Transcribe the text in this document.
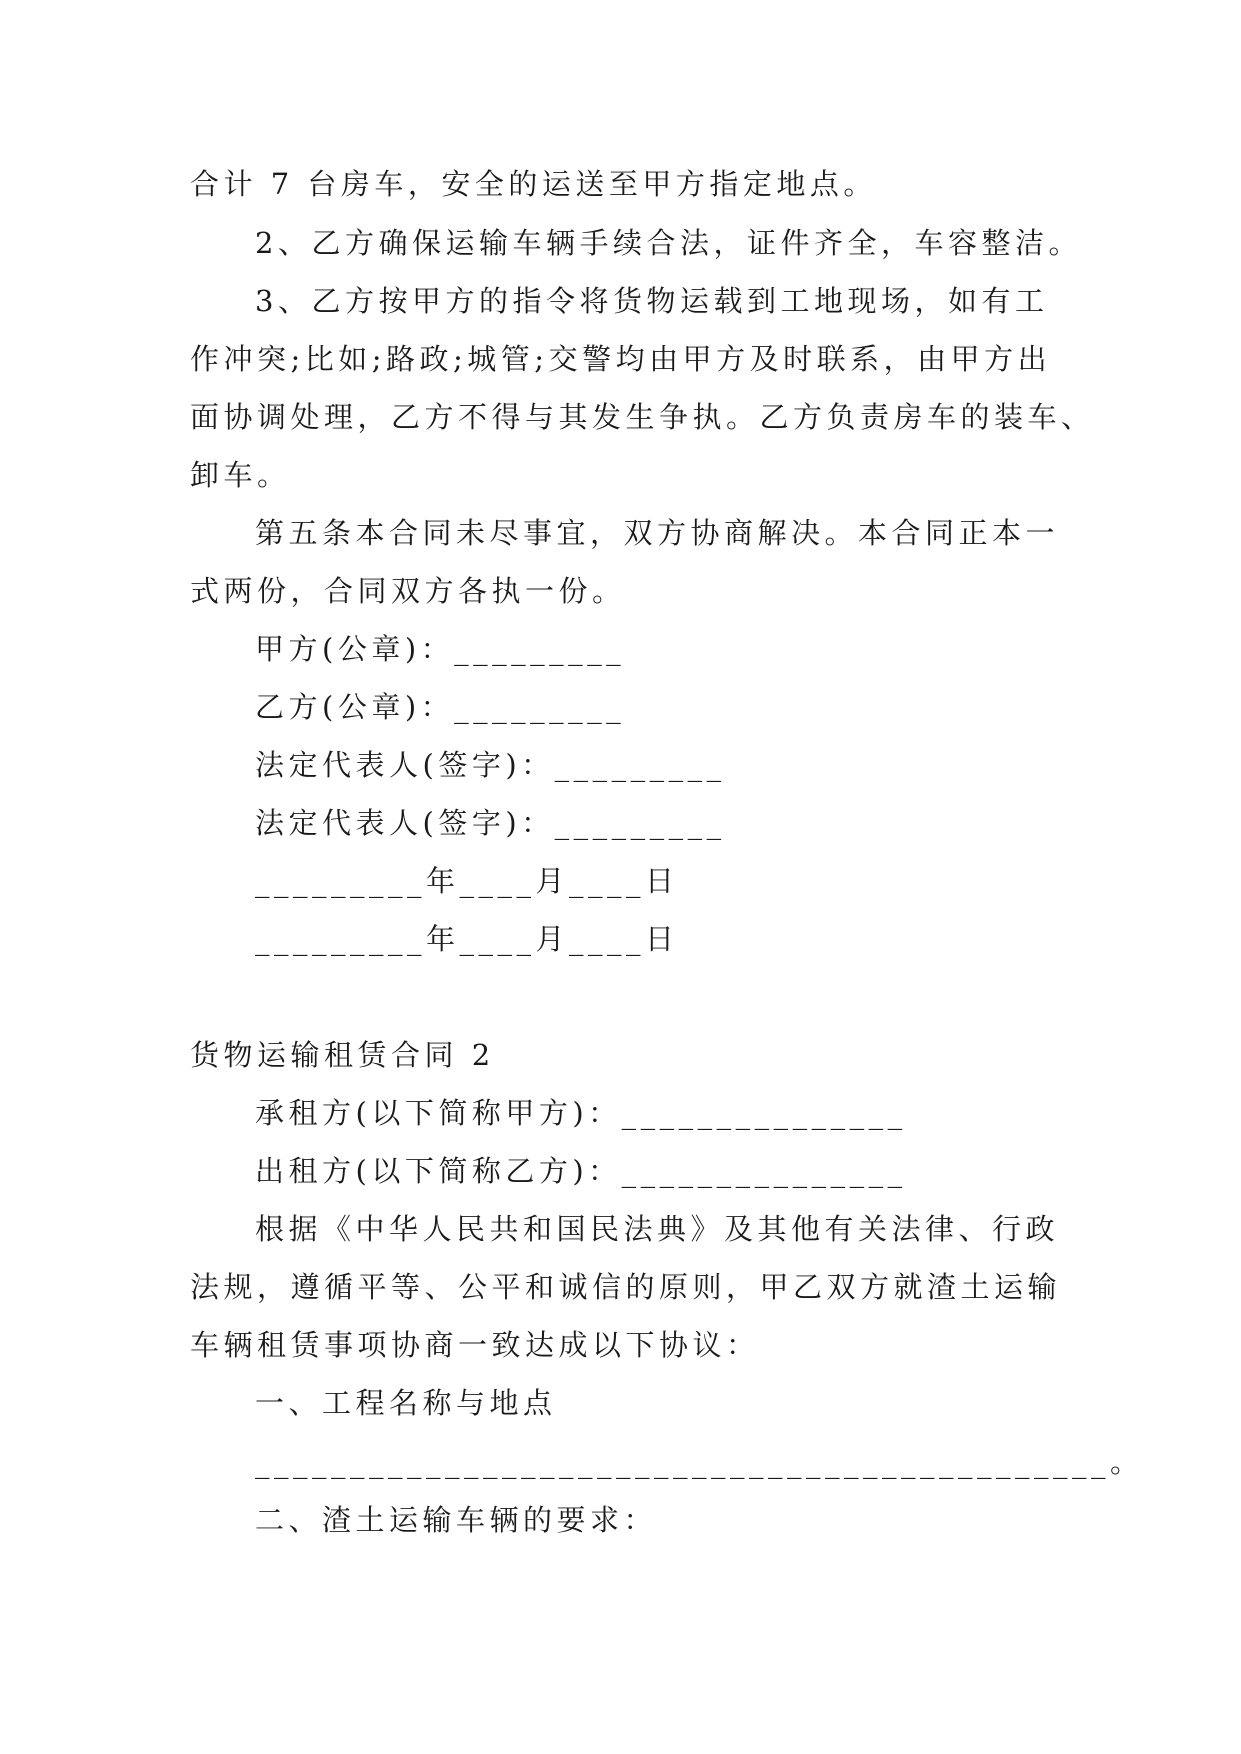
合计 7 台房车，安全的运送至甲方指定地点。
2、乙方确保运输车辆手续合法，证件齐全，车容整洁。
3、乙方按甲方的指令将货物运载到工地现场，如有工
作冲突;比如;路政;城管;交警均由甲方及时联系，由甲方出
面协调处理，乙方不得与其发生争执。乙方负责房车的装车、
卸车。
第五条本合同未尽事宜，双方协商解决。本合同正本一
式两份，合同双方各执一份。
甲方(公章)：_________
乙方(公章)：_________
法定代表人(签字)：_________
法定代表人(签字)：_________
_________年____月____日
_________年____月____日
货物运输租赁合同 2
承租方(以下简称甲方)：_______________
出租方(以下简称乙方)：_______________
根据《中华人民共和国民法典》及其他有关法律、行政
法规，遵循平等、公平和诚信的原则，甲乙双方就渣土运输
车辆租赁事项协商一致达成以下协议：
一、工程名称与地点
_____________________________________________。
二、渣土运输车辆的要求：
